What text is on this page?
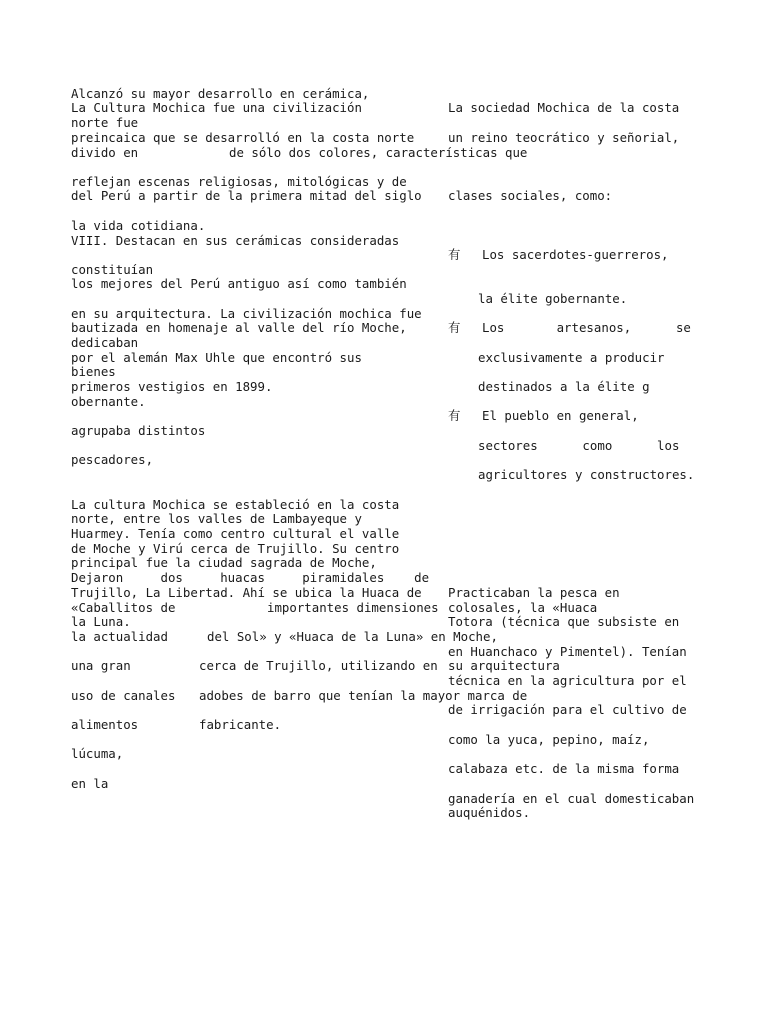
Alcanzó su mayor desarrollo en cerámica,
La Cultura Mochica fue una civilización	La sociedad Mochica de la costa
norte fue
preincaica que se desarrolló en la costa norte	un reino teocrático y señorial,
divido en	de sólo dos colores, características que
reflejan escenas religiosas, mitológicas y de
del Perú a partir de la primera mitad del siglo clases sociales, como:
la vida cotidiana.
VIII. Destacan en sus cerámicas consideradas
有 Los sacerdotes-guerreros,
constituían
los mejores del Perú antiguo así como también
la élite gobernante.
en su arquitectura. La civilización mochica fue
bautizada en homenaje al valle del río Moche,	有 Los       artesanos,      se
dedicaban
por el alemán Max Uhle que encontró sus	exclusivamente a producir
bienes
primeros vestigios en 1899.	destinados a la élite g
obernante.
有 El pueblo en general,
agrupaba distintos
sectores      como      los
pescadores,
agricultores y constructores.
La cultura Mochica se estableció en la costa
norte, entre los valles de Lambayeque y
Huarmey. Tenía como centro cultural el valle
de Moche y Virú cerca de Trujillo. Su centro
principal fue la ciudad sagrada de Moche,
Dejaron     dos     huacas     piramidales    de
Trujillo, La Libertad. Ahí se ubica la Huaca de Practicaban la pesca en
«Caballitos de	importantes dimensiones colosales, la «Huaca
la Luna.	Totora (técnica que subsiste en
la actualidad	del Sol» y «Huaca de la Luna» en Moche,
en Huanchaco y Pimentel). Tenían
una gran	cerca de Trujillo, utilizando en su arquitectura
técnica en la agricultura por el
uso de canales adobes de barro que tenían la mayor marca de
de irrigación para el cultivo de
alimentos	fabricante.
como la yuca, pepino, maíz,
lúcuma,
calabaza etc. de la misma forma
en la
ganadería en el cual domesticaban
auquénidos.
